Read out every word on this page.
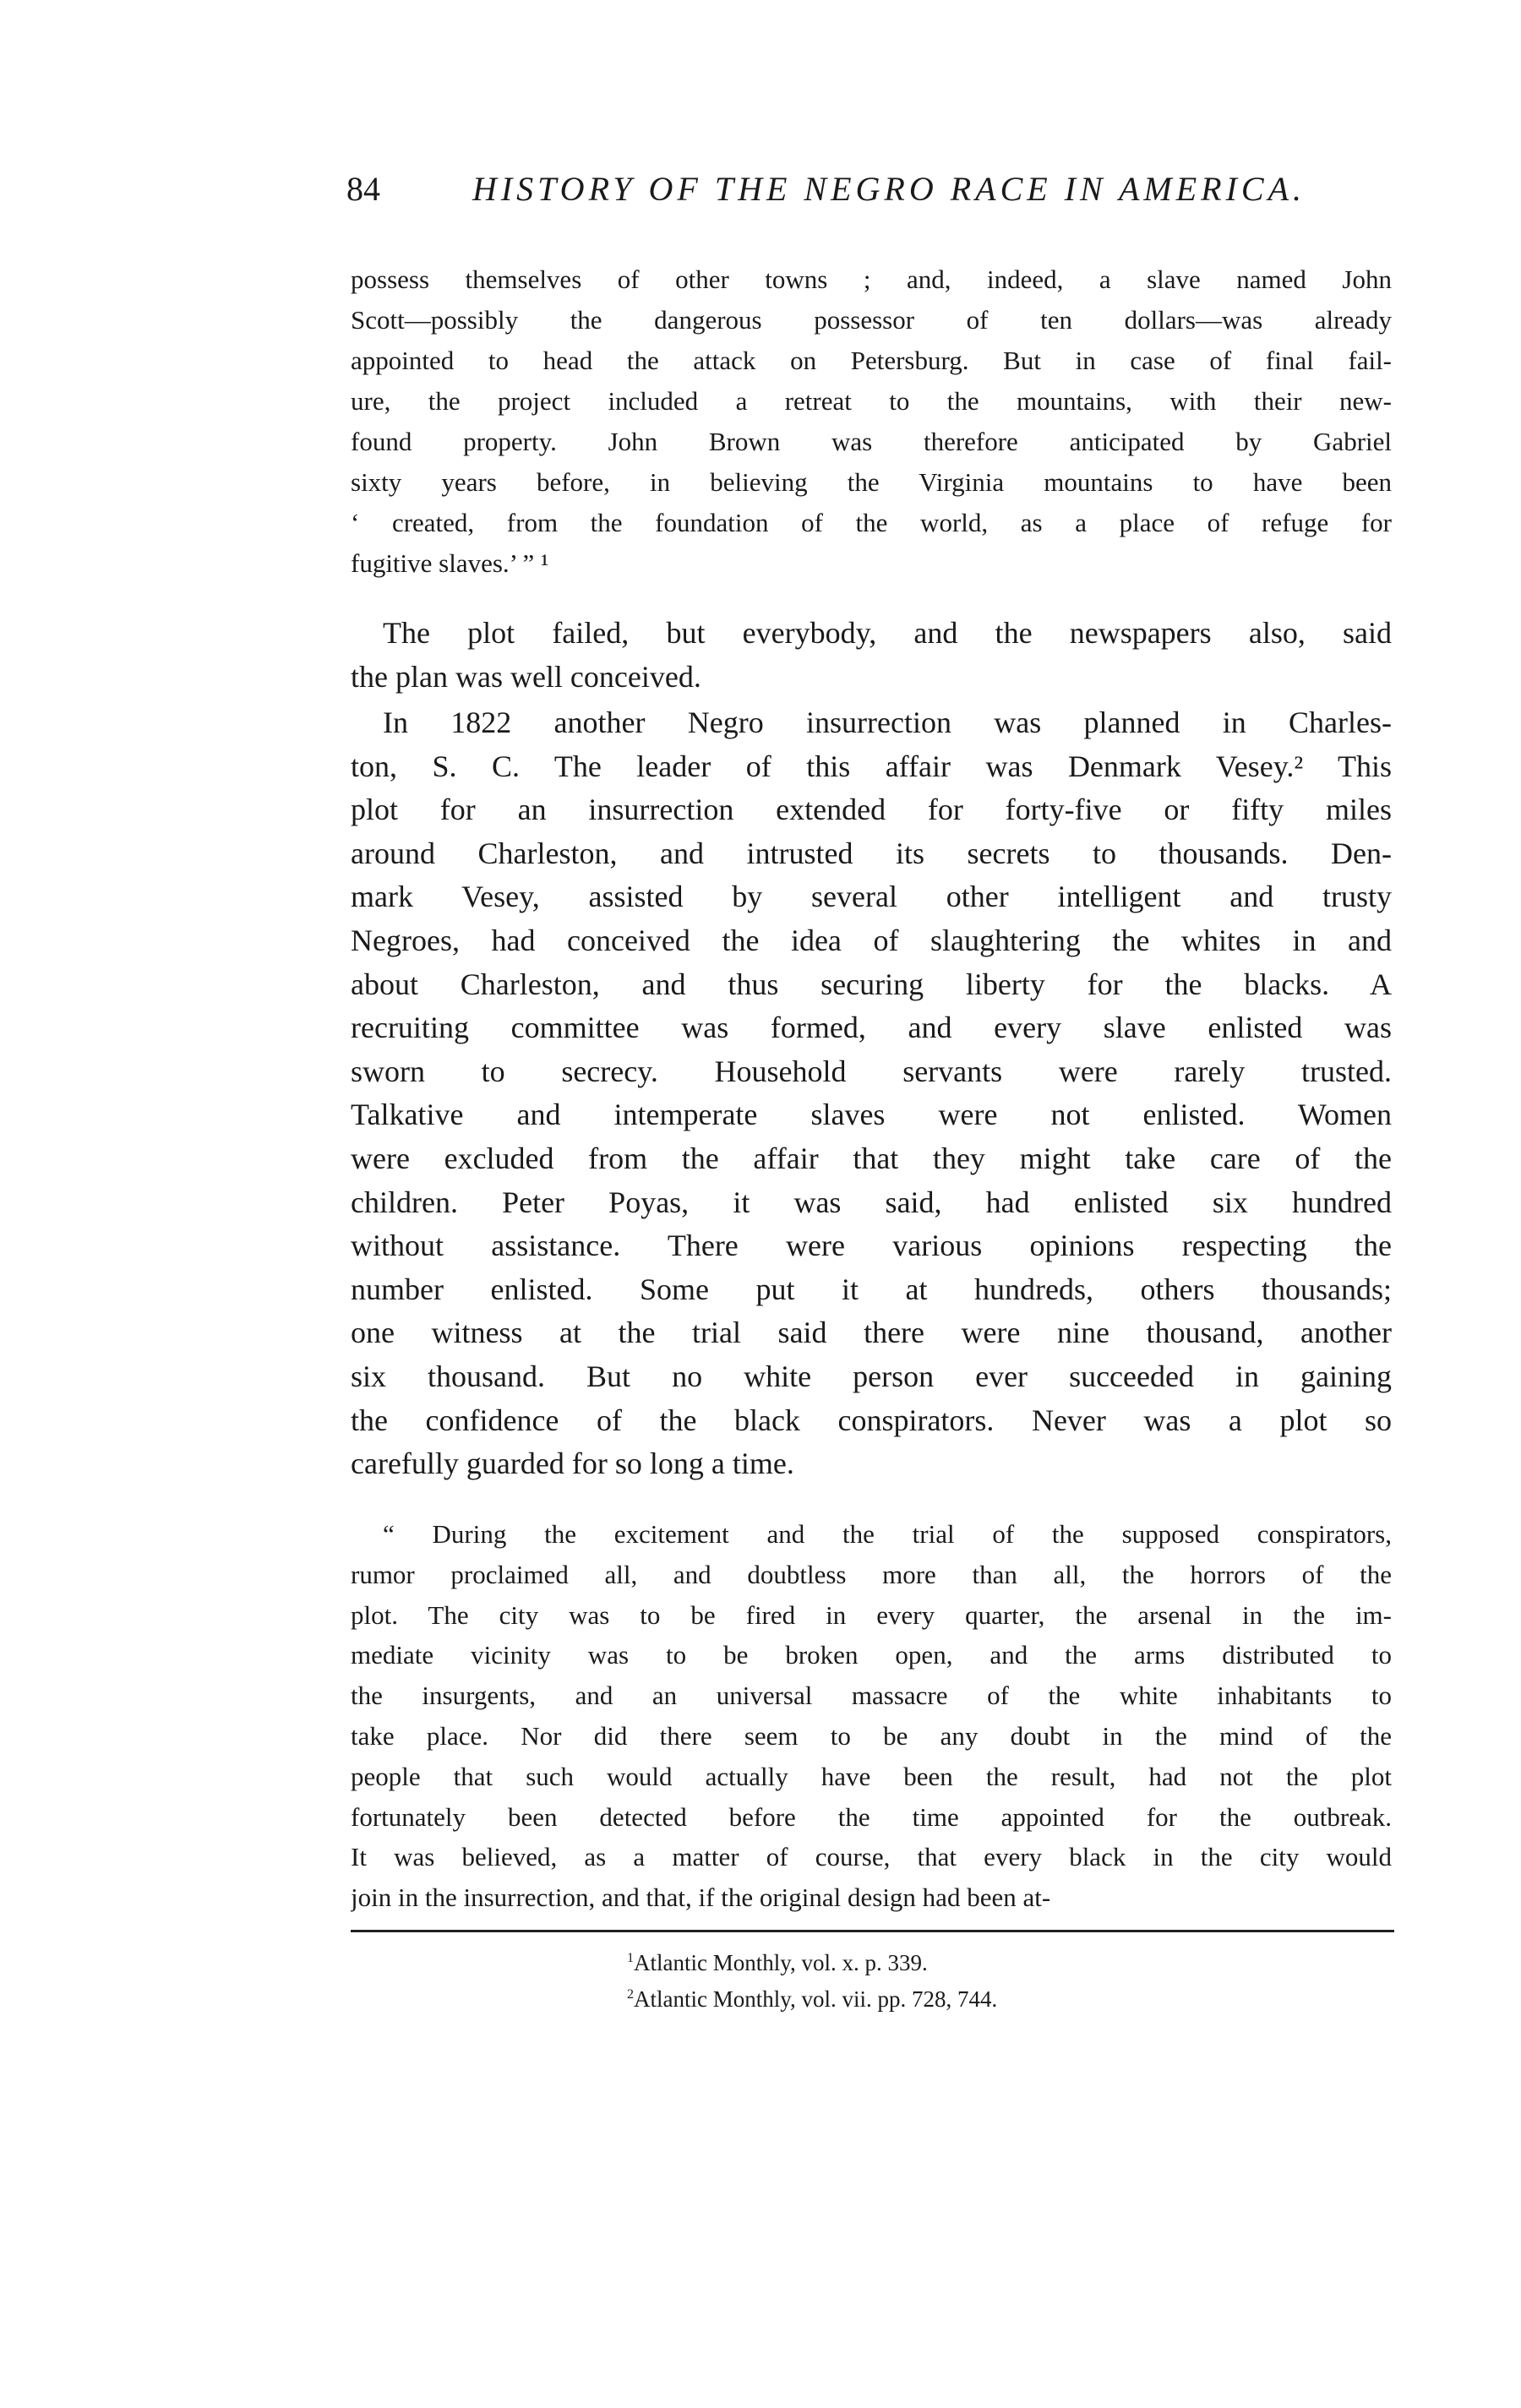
84	HISTORY OF THE NEGRO RACE IN AMERICA.
possess themselves of other towns ; and, indeed, a slave named John
Scott—possibly the dangerous possessor of ten dollars—was already
appointed to head the attack on Petersburg. But in case of final fail-
ure, the project included a retreat to the mountains, with their new-
found property. John Brown was therefore anticipated by Gabriel
sixty years before, in believing the Virginia mountains to have been
‘ created, from the foundation of the world, as a place of refuge for
fugitive slaves.’ ” ¹
The plot failed, but everybody, and the newspapers also, said
the plan was well conceived.
In 1822 another Negro insurrection was planned in Charles-
ton, S. C. The leader of this affair was Denmark Vesey.² This
plot for an insurrection extended for forty-five or fifty miles
around Charleston, and intrusted its secrets to thousands. Den-
mark Vesey, assisted by several other intelligent and trusty
Negroes, had conceived the idea of slaughtering the whites in and
about Charleston, and thus securing liberty for the blacks. A
recruiting committee was formed, and every slave enlisted was
sworn to secrecy. Household servants were rarely trusted.
Talkative and intemperate slaves were not enlisted. Women
were excluded from the affair that they might take care of the
children. Peter Poyas, it was said, had enlisted six hundred
without assistance. There were various opinions respecting the
number enlisted. Some put it at hundreds, others thousands;
one witness at the trial said there were nine thousand, another
six thousand. But no white person ever succeeded in gaining
the confidence of the black conspirators. Never was a plot so
carefully guarded for so long a time.
“ During the excitement and the trial of the supposed conspirators,
rumor proclaimed all, and doubtless more than all, the horrors of the
plot. The city was to be fired in every quarter, the arsenal in the im-
mediate vicinity was to be broken open, and the arms distributed to
the insurgents, and an universal massacre of the white inhabitants to
take place. Nor did there seem to be any doubt in the mind of the
people that such would actually have been the result, had not the plot
fortunately been detected before the time appointed for the outbreak.
It was believed, as a matter of course, that every black in the city would
join in the insurrection, and that, if the original design had been at-
$^1$Atlantic Monthly, vol. x. p. 339.
$^2$Atlantic Monthly, vol. vii. pp. 728, 744.
